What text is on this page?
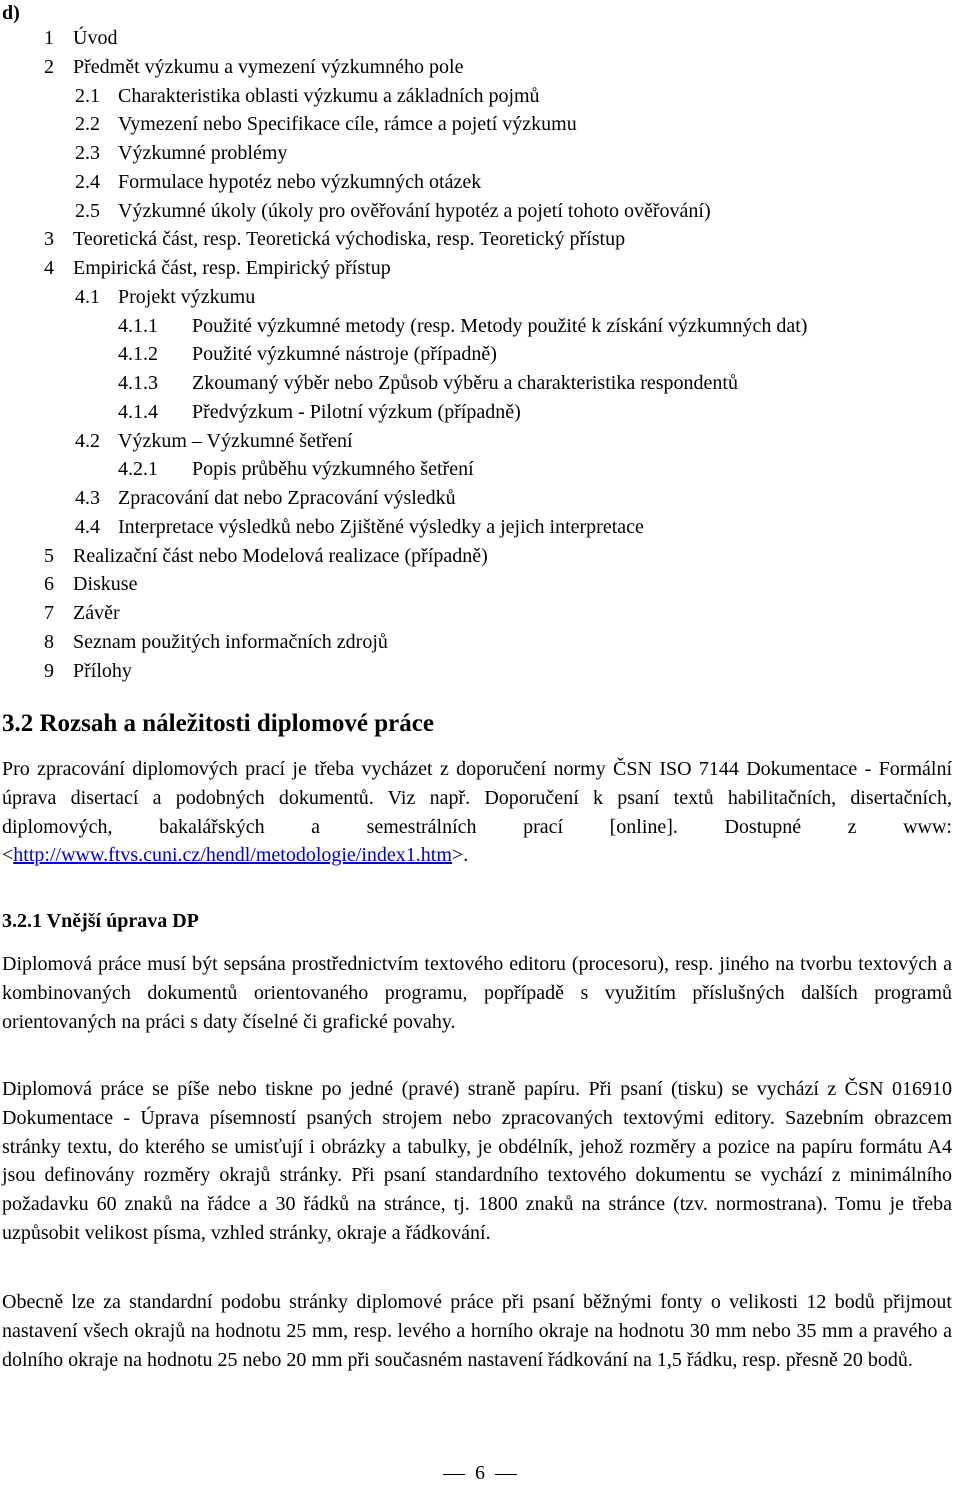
d)
1 Úvod
2 Předmět výzkumu a vymezení výzkumného pole
2.1 Charakteristika oblasti výzkumu a základních pojmů
2.2 Vymezení nebo Specifikace cíle, rámce a pojetí výzkumu
2.3 Výzkumné problémy
2.4 Formulace hypotéz nebo výzkumných otázek
2.5 Výzkumné úkoly (úkoly pro ověřování hypotéz a pojetí tohoto ověřování)
3 Teoretická část, resp. Teoretická východiska, resp. Teoretický přístup
4 Empirická část, resp. Empirický přístup
4.1 Projekt výzkumu
4.1.1	Použité výzkumné metody (resp. Metody použité k získání výzkumných dat)
4.1.2	Použité výzkumné nástroje (případně)
4.1.3	Zkoumaný výběr nebo Způsob výběru a charakteristika respondentů
4.1.4	Předvýzkum - Pilotní výzkum (případně)
4.2 Výzkum – Výzkumné šetření
4.2.1	Popis průběhu výzkumného šetření
4.3 Zpracování dat nebo Zpracování výsledků
4.4 Interpretace výsledků nebo Zjištěné výsledky a jejich interpretace
5 Realizační část nebo Modelová realizace (případně)
6 Diskuse
7 Závěr
8 Seznam použitých informačních zdrojů
9 Přílohy
3.2 Rozsah a náležitosti diplomové práce

Pro zpracování diplomových prací je třeba vycházet z doporučení normy ČSN ISO 7144 Dokumentace - Formální úprava disertací a podobných dokumentů. Viz např. Doporučení k psaní textů habilitačních, disertačních, diplomových, bakalářských a semestrálních prací [online]. Dostupné z www: <http://www.ftvs.cuni.cz/hendl/metodologie/index1.htm>.

3.2.1 Vnější úprava DP

Diplomová práce musí být sepsána prostřednictvím textového editoru (procesoru), resp. jiného na tvorbu textových a kombinovaných dokumentů orientovaného programu, popřípadě s využitím příslušných dalších programů orientovaných na práci s daty číselné či grafické povahy.

Diplomová práce se píše nebo tiskne po jedné (pravé) straně papíru. Při psaní (tisku) se vychází z ČSN 016910 Dokumentace - Úprava písemností psaných strojem nebo zpracovaných textovými editory. Sazebním obrazcem stránky textu, do kterého se umisťují i obrázky a tabulky, je obdélník, jehož rozměry a pozice na papíru formátu A4 jsou definovány rozměry okrajů stránky. Při psaní standardního textového dokumentu se vychází z minimálního požadavku 60 znaků na řádce a 30 řádků na stránce, tj. 1800 znaků na stránce (tzv. normostrana). Tomu je třeba uzpůsobit velikost písma, vzhled stránky, okraje a řádkování.

Obecně lze za standardní podobu stránky diplomové práce při psaní běžnými fonty o velikosti 12 bodů přijmout nastavení všech okrajů na hodnotu 25 mm, resp. levého a horního okraje na hodnotu 30 mm nebo 35 mm a pravého a dolního okraje na hodnotu 25 nebo 20 mm při současném nastavení řádkování na 1,5 řádku, resp. přesně 20 bodů.

6
